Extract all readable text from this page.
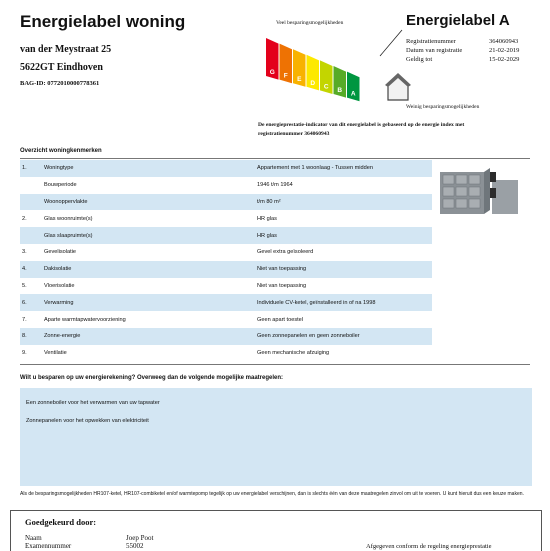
Energielabel woning
van der Meystraat 25
5622GT Eindhoven
BAG-ID: 0772010000778361
Veel besparingsmogelijkheden
G
F
E
D
C
B
A
Weinig besparingsmogelijkheden
Energielabel A
Registratienummer	364060943
Datum van registratie	21-02-2019
Geldig tot	15-02-2029
De energieprestatie-indicator van dit energielabel is gebaseerd op de energie index met registratienummer 364060943
Overzicht woningkenmerken
1.	Woningtype	Appartement met 1 woonlaag - Tussen midden
Bouwperiode	1946 t/m 1964
Woonoppervlakte	t/m 80 m²
2.	Glas woonruimte(s)	HR glas
Glas slaapruimte(s)	HR glas
3.	Gevelisolatie	Gevel extra geïsoleerd
4.	Dakisolatie	Niet van toepassing
5.	Vloerisolatie	Niet van toepassing
6.	Verwarming	Individuele CV-ketel, geïnstalleerd in of na 1998
7.	Aparte warmtapwatervoorziening	Geen apart toestel
8.	Zonne-energie	Geen zonnepanelen en geen zonneboiler
9.	Ventilatie	Geen mechanische afzuiging
Wilt u besparen op uw energierekening? Overweeg dan de volgende mogelijke maatregelen:
Een zonneboiler voor het verwarmen van uw tapwater
Zonnepanelen voor het opwekken van elektriciteit
Als de besparingsmogelijkheden HR107-ketel, HR107-combiketel en/of warmtepomp tegelijk op uw energielabel verschijnen, dan is slechts één van deze maatregelen zinvol om uit te voeren. U kunt hieruit dus een keuze maken.
Goedgekeurd door:
Naam	Joep Poot
Examennummer	55002	Afgegeven conform de regeling energieprestatie
